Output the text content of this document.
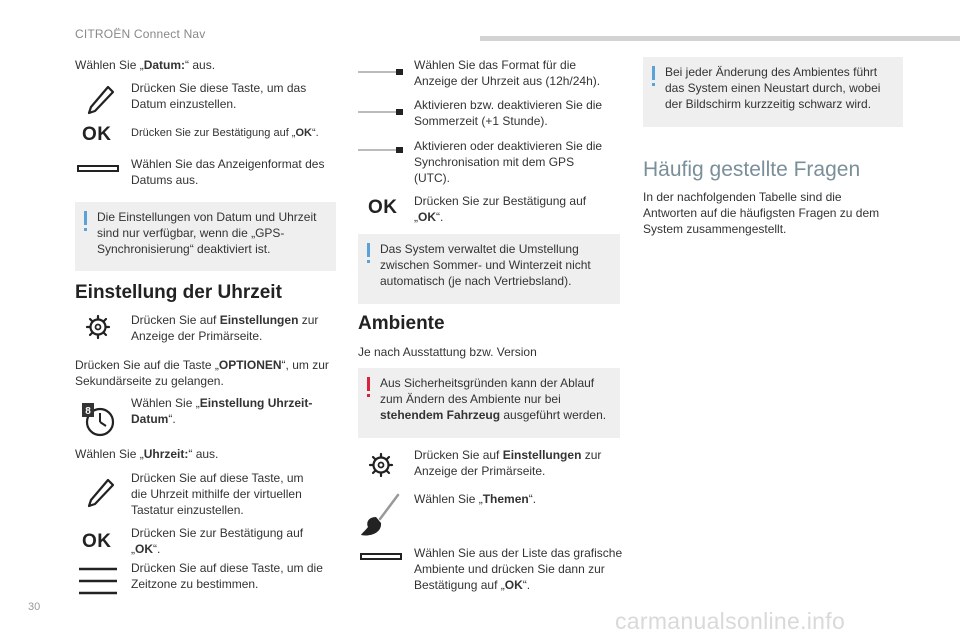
CITROËN Connect Nav
30
carmanualsonline.info
Wählen Sie „Datum:“ aus.
Drücken Sie diese Taste, um das Datum einzustellen.
OK Drücken Sie zur Bestätigung auf „OK“.
Wählen Sie das Anzeigenformat des Datums aus.
Die Einstellungen von Datum und Uhrzeit sind nur verfügbar, wenn die „GPS-Synchronisierung“ deaktiviert ist.
Einstellung der Uhrzeit
Drücken Sie auf Einstellungen zur Anzeige der Primärseite.
Drücken Sie auf die Taste „OPTIONEN“, um zur Sekundärseite zu gelangen.
8
Wählen Sie „Einstellung Uhrzeit-Datum“.
Wählen Sie „Uhrzeit:“ aus.
Drücken Sie auf diese Taste, um die Uhrzeit mithilfe der virtuellen Tastatur einzustellen.
OK Drücken Sie zur Bestätigung auf „OK“.
Drücken Sie auf diese Taste, um die Zeitzone zu bestimmen.
Wählen Sie das Format für die Anzeige der Uhrzeit aus (12h/24h).
Aktivieren bzw. deaktivieren Sie die Sommerzeit (+1 Stunde).
Aktivieren oder deaktivieren Sie die Synchronisation mit dem GPS (UTC).
OK Drücken Sie zur Bestätigung auf „OK“.
Das System verwaltet die Umstellung zwischen Sommer- und Winterzeit nicht automatisch (je nach Vertriebsland).
Ambiente
Je nach Ausstattung bzw. Version
Aus Sicherheitsgründen kann der Ablauf zum Ändern des Ambiente nur bei stehendem Fahrzeug ausgeführt werden.
Drücken Sie auf Einstellungen zur Anzeige der Primärseite.
Wählen Sie „Themen“.
Wählen Sie aus der Liste das grafische Ambiente und drücken Sie dann zur Bestätigung auf „OK“.
Bei jeder Änderung des Ambientes führt das System einen Neustart durch, wobei der Bildschirm kurzzeitig schwarz wird.
Häufig gestellte Fragen
In der nachfolgenden Tabelle sind die Antworten auf die häufigsten Fragen zu dem System zusammengestellt.
